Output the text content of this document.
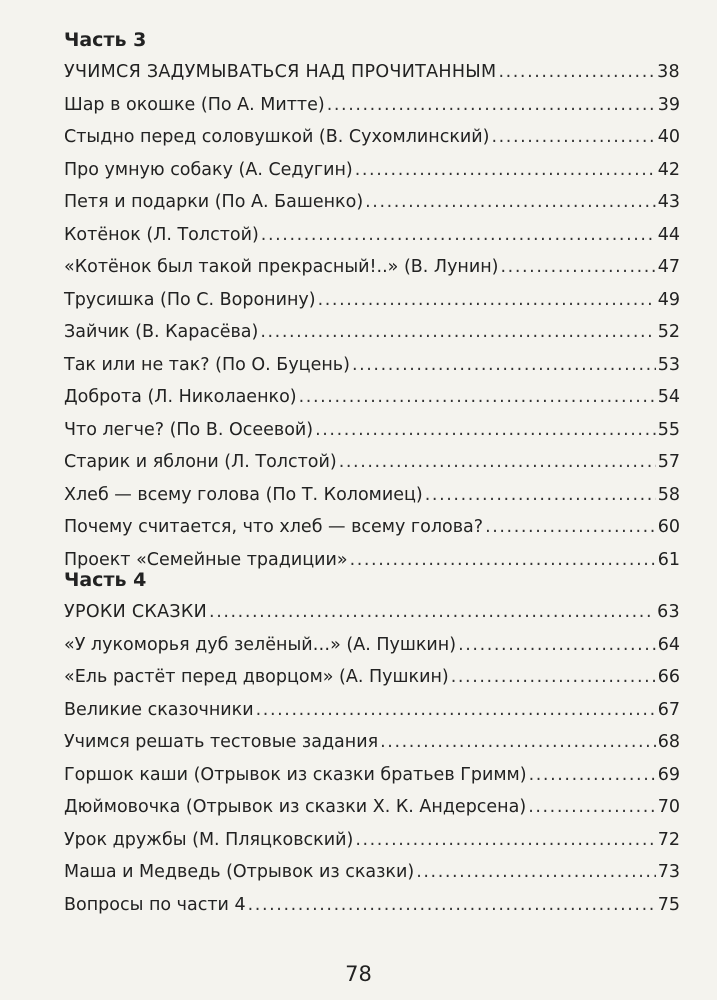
Часть 3
УЧИМСЯ ЗАДУМЫВАТЬСЯ НАД ПРОЧИТАННЫМ .....	38
Шар в окошке (По А. Митте) .....	39
Стыдно перед соловушкой (В. Сухомлинский) .....	40
Про умную собаку (А. Седугин) .....	42
Петя и подарки (По А. Башенко) .....	43
Котёнок (Л. Толстой) .....	44
«Котёнок был такой прекрасный!..» (В. Лунин) .....	47
Трусишка (По С. Воронину) .....	49
Зайчик (В. Карасёва) .....	52
Так или не так? (По О. Буцень) .....	53
Доброта (Л. Николаенко) .....	54
Что легче? (По В. Осеевой) .....	55
Старик и яблони (Л. Толстой) .....	57
Хлеб — всему голова (По Т. Коломиец) .....	58
Почему считается, что хлеб — всему голова? .....	60
Проект «Семейные традиции» .....	61
Часть 4
УРОКИ СКАЗКИ .....	63
«У лукоморья дуб зелёный…» (А. Пушкин) .....	64
«Ель растёт перед дворцом» (А. Пушкин) .....	66
Великие сказочники .....	67
Учимся решать тестовые задания .....	68
Горшок каши (Отрывок из сказки братьев Гримм) .....	69
Дюймовочка (Отрывок из сказки Х. К. Андерсена) .....	70
Урок дружбы (М. Пляцковский) .....	72
Маша и Медведь (Отрывок из сказки) .....	73
Вопросы по части 4 .....	75
78
